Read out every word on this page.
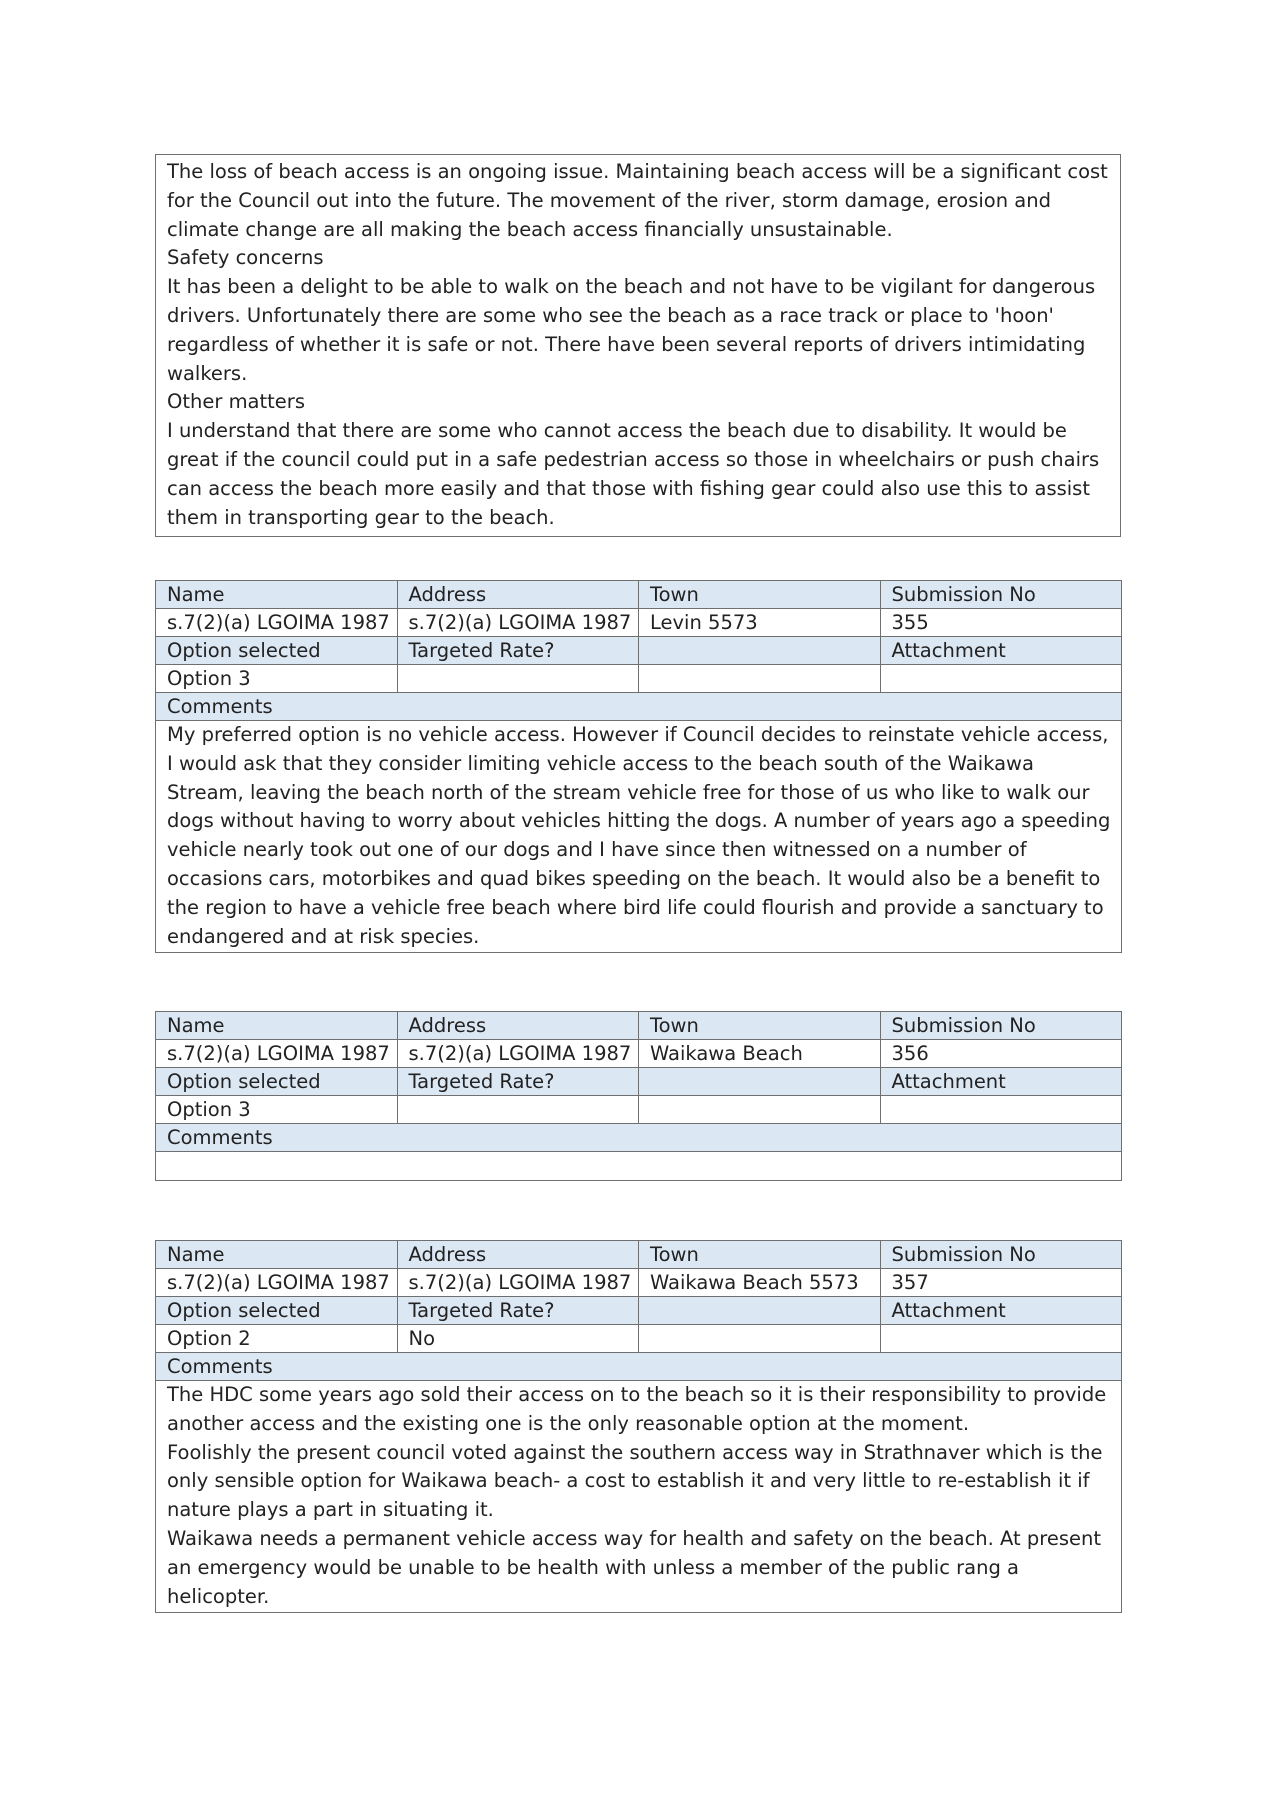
The loss of beach access is an ongoing issue. Maintaining beach access will be a significant cost for the Council out into the future. The movement of the river, storm damage, erosion and climate change are all making the beach access financially unsustainable.

Safety concerns

It has been a delight to be able to walk on the beach and not have to be vigilant for dangerous drivers. Unfortunately there are some who see the beach as a race track or place to 'hoon' regardless of whether it is safe or not. There have been several reports of drivers intimidating walkers.

Other matters

I understand that there are some who cannot access the beach due to disability. It would be great if the council could put in a safe pedestrian access so those in wheelchairs or push chairs can access the beach more easily and that those with fishing gear could also use this to assist them in transporting gear to the beach.

Name	Address	Town	Submission No
s.7(2)(a) LGOIMA 1987	s.7(2)(a) LGOIMA 1987	Levin 5573	355
Option selected	Targeted Rate?		Attachment
Option 3			
Comments			

My preferred option is no vehicle access. However if Council decides to reinstate vehicle access, I would ask that they consider limiting vehicle access to the beach south of the Waikawa Stream, leaving the beach north of the stream vehicle free for those of us who like to walk our dogs without having to worry about vehicles hitting the dogs. A number of years ago a speeding vehicle nearly took out one of our dogs and I have since then witnessed on a number of occasions cars, motorbikes and quad bikes speeding on the beach. It would also be a benefit to the region to have a vehicle free beach where bird life could flourish and provide a sanctuary to endangered and at risk species.			

Name	Address	Town	Submission No
s.7(2)(a) LGOIMA 1987	s.7(2)(a) LGOIMA 1987	Waikawa Beach	356
Option selected	Targeted Rate?		Attachment
Option 3			
Comments			

Name	Address	Town	Submission No
s.7(2)(a) LGOIMA 1987	s.7(2)(a) LGOIMA 1987	Waikawa Beach 5573	357
Option selected	Targeted Rate?		Attachment
Option 2	No		
Comments			

The HDC some years ago sold their access on to the beach so it is their responsibility to provide another access and the existing one is the only reasonable option at the moment.

Foolishly the present council voted against the southern access way in Strathnaver which is the only sensible option for Waikawa beach- a cost to establish it and very little to re-establish it if nature plays a part in situating it.

Waikawa needs a permanent vehicle access way for health and safety on the beach. At present an emergency would be unable to be health with unless a member of the public rang a helicopter.			
